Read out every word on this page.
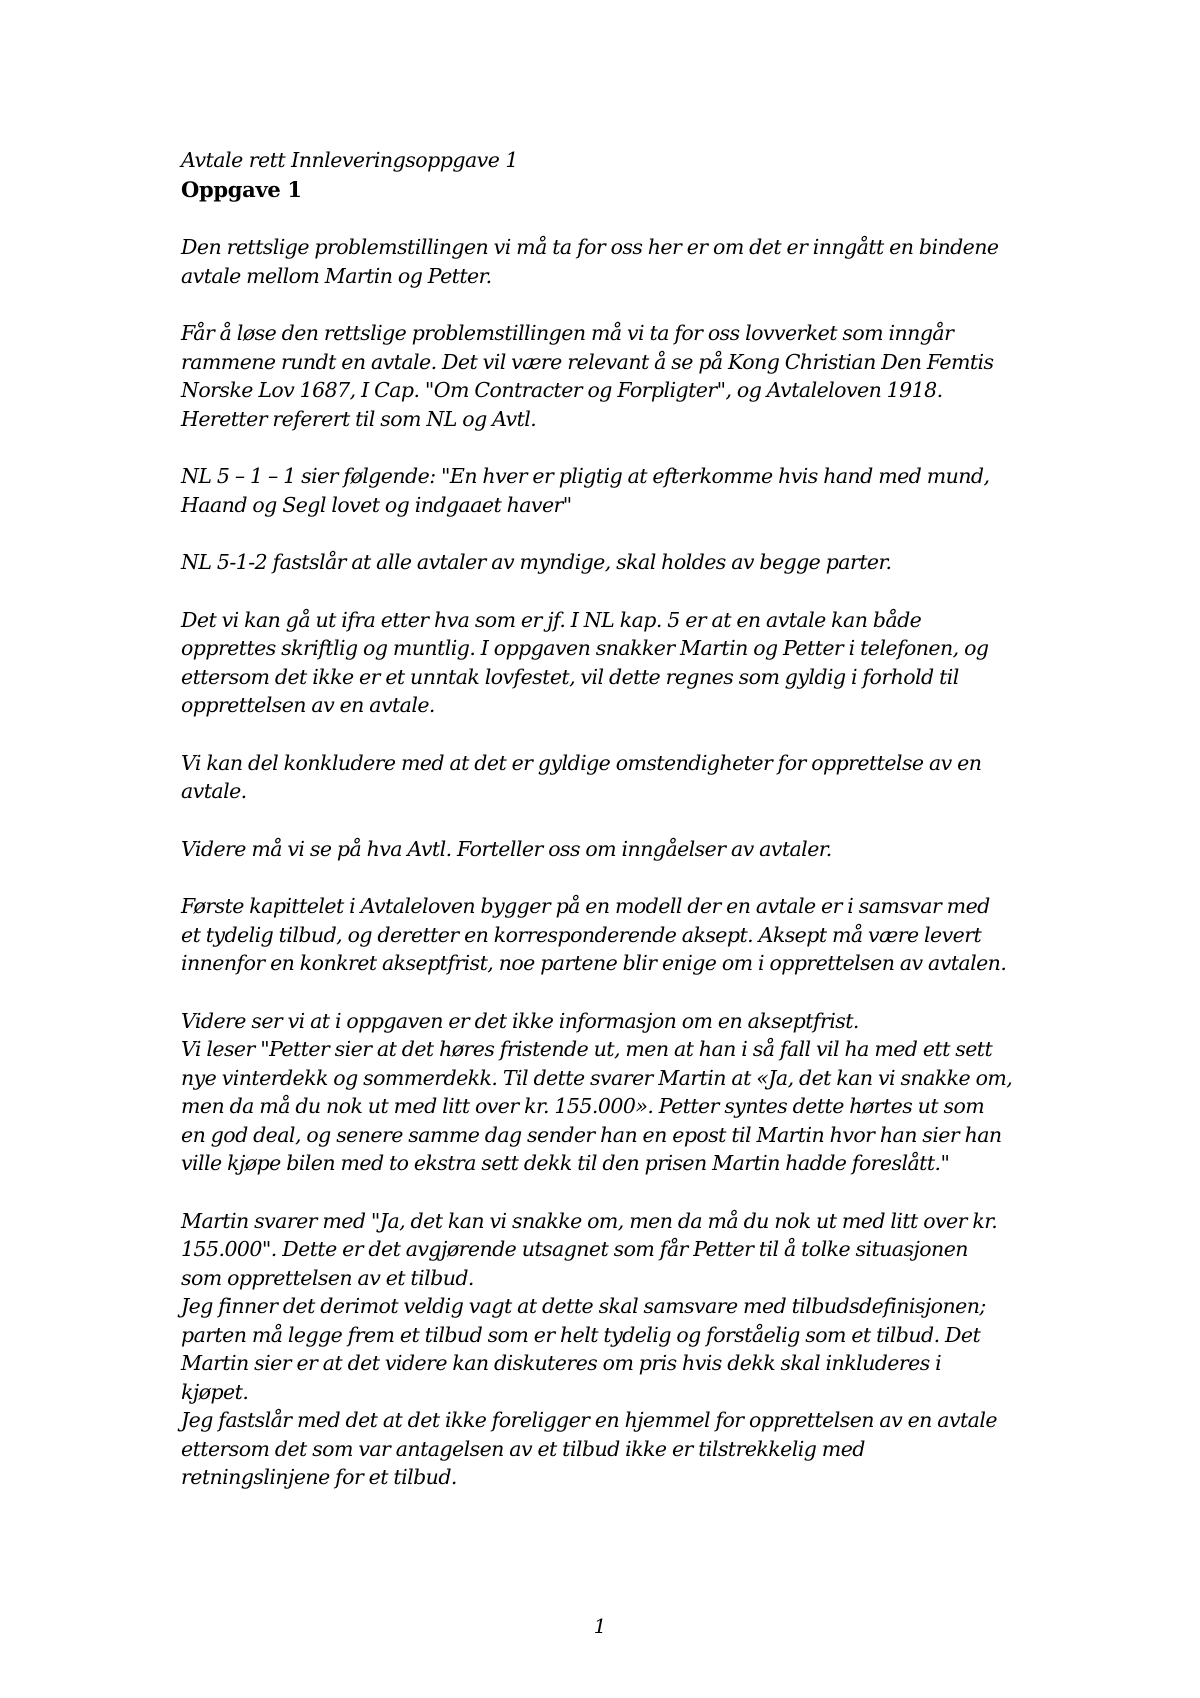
Avtale rett Innleveringsoppgave 1
Oppgave 1
Den rettslige problemstillingen vi må ta for oss her er om det er inngått en bindene
avtale mellom Martin og Petter.
Får å løse den rettslige problemstillingen må vi ta for oss lovverket som inngår
rammene rundt en avtale. Det vil være relevant å se på Kong Christian Den Femtis
Norske Lov 1687, I Cap. "Om Contracter og Forpligter", og Avtaleloven 1918.
Heretter referert til som NL og Avtl.
NL 5 – 1 – 1 sier følgende: "En hver er pligtig at efterkomme hvis hand med mund,
Haand og Segl lovet og indgaaet haver"
NL 5-1-2 fastslår at alle avtaler av myndige, skal holdes av begge parter.
Det vi kan gå ut ifra etter hva som er jf. I NL kap. 5 er at en avtale kan både
opprettes skriftlig og muntlig. I oppgaven snakker Martin og Petter i telefonen, og
ettersom det ikke er et unntak lovfestet, vil dette regnes som gyldig i forhold til
opprettelsen av en avtale.
Vi kan del konkludere med at det er gyldige omstendigheter for opprettelse av en
avtale.
Videre må vi se på hva Avtl. Forteller oss om inngåelser av avtaler.
Første kapittelet i Avtaleloven bygger på en modell der en avtale er i samsvar med
et tydelig tilbud, og deretter en korresponderende aksept. Aksept må være levert
innenfor en konkret akseptfrist, noe partene blir enige om i opprettelsen av avtalen.
Videre ser vi at i oppgaven er det ikke informasjon om en akseptfrist.
Vi leser "Petter sier at det høres fristende ut, men at han i så fall vil ha med ett sett
nye vinterdekk og sommerdekk. Til dette svarer Martin at «Ja, det kan vi snakke om,
men da må du nok ut med litt over kr. 155.000». Petter syntes dette hørtes ut som
en god deal, og senere samme dag sender han en epost til Martin hvor han sier han
ville kjøpe bilen med to ekstra sett dekk til den prisen Martin hadde foreslått."
Martin svarer med "Ja, det kan vi snakke om, men da må du nok ut med litt over kr.
155.000". Dette er det avgjørende utsagnet som får Petter til å tolke situasjonen
som opprettelsen av et tilbud.
Jeg finner det derimot veldig vagt at dette skal samsvare med tilbudsdefinisjonen;
parten må legge frem et tilbud som er helt tydelig og forståelig som et tilbud. Det
Martin sier er at det videre kan diskuteres om pris hvis dekk skal inkluderes i
kjøpet.
Jeg fastslår med det at det ikke foreligger en hjemmel for opprettelsen av en avtale
ettersom det som var antagelsen av et tilbud ikke er tilstrekkelig med
retningslinjene for et tilbud.
1
